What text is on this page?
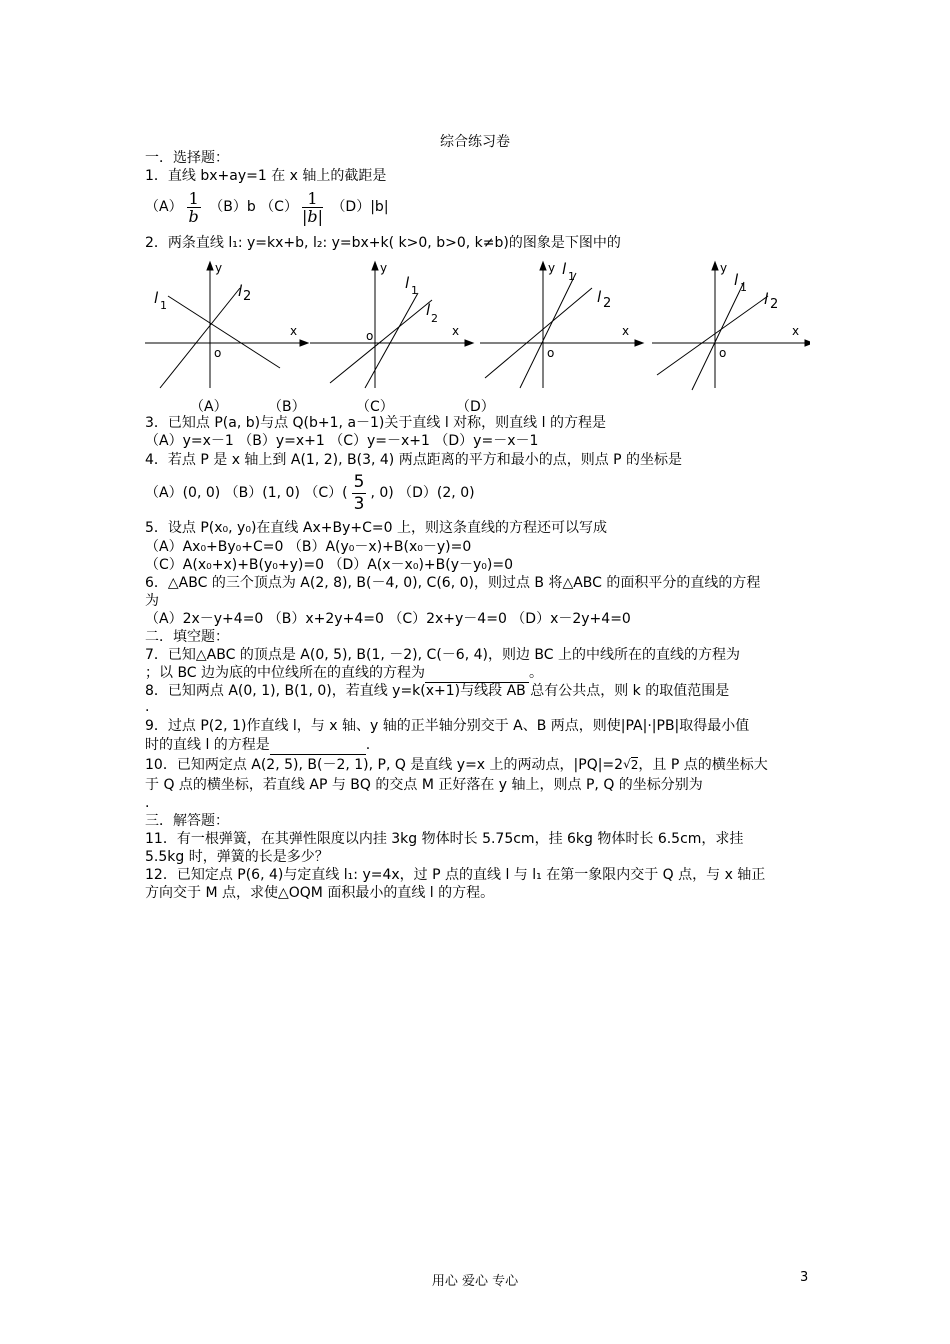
综合练习卷
一．选择题：
1．直线 bx+ay=1 在 x 轴上的截距是
$(A) \frac{1}{b} (B)b$ $(C) \frac{1}{|b|} (D)|b|$
2．两条直线 l₁: y=kx+b, l₂: y=bx+k( k>0, b>0, k≠b)的图象是下图中的
y
x
o
l 1
l 2
y
x
o
l 1
l 2
y
x
o
l 1
l 2
y
x
o
l 1
l 2
（A）	（B）	（C）	（D）
3．已知点 P(a, b)与点 Q(b+1, a－1)关于直线 l 对称，则直线 l 的方程是
（A）y=x－1 （B）y=x+1 （C）y=－x+1 （D）y=－x－1
4．若点 P 是 x 轴上到 A(1, 2), B(3, 4) 两点距离的平方和最小的点，则点 P 的坐标是
（A）(0, 0) （B）(1, 0) $(C)( \frac{5}{3}$ , 0) （D）(2, 0)
5．设点 P(x₀, y₀)在直线 Ax+By+C=0 上，则这条直线的方程还可以写成
（A）Ax₀+By₀+C=0 （B）A(y₀－x)+B(x₀－y)=0
（C）A(x₀+x)+B(y₀+y)=0 （D）A(x－x₀)+B(y－y₀)=0
6．△ABC 的三个顶点为 A(2, 8), B(－4, 0), C(6, 0)，则过点 B 将△ABC 的面积平分的直线的方程
为
（A）2x－y+4=0 （B）x+2y+4=0 （C）2x+y－4=0 （D）x－2y+4=0
二．填空题：
7．已知△ABC 的顶点是 A(0, 5), B(1, －2), C(－6, 4)，则边 BC 上的中线所在的直线的方程为
；以 BC 边为底的中位线所在的直线的方程为	。
8．已知两点 A(0, 1), B(1, 0)，若直线 y=k(x+1)与线段 AB 总有公共点，则 k 的取值范围是
.
9．过点 P(2, 1)作直线 l，与 x 轴、y 轴的正半轴分别交于 A、B 两点，则使|PA|·|PB|取得最小值
时的直线 l 的方程是	.
10．已知两定点 A(2, 5), B(－2, 1), P, Q 是直线 y=x 上的两动点，|PQ|=2√2，且 P 点的横坐标大
于 Q 点的横坐标，若直线 AP 与 BQ 的交点 M 正好落在 y 轴上，则点 P, Q 的坐标分别为
.
三．解答题：
11．有一根弹簧，在其弹性限度以内挂 3kg 物体时长 5.75cm，挂 6kg 物体时长 6.5cm，求挂
5.5kg 时，弹簧的长是多少？
12．已知定点 P(6, 4)与定直线 l₁: y=4x，过 P 点的直线 l 与 l₁ 在第一象限内交于 Q 点，与 x 轴正
方向交于 M 点，求使△OQM 面积最小的直线 l 的方程。
用心 爱心 专心	3
